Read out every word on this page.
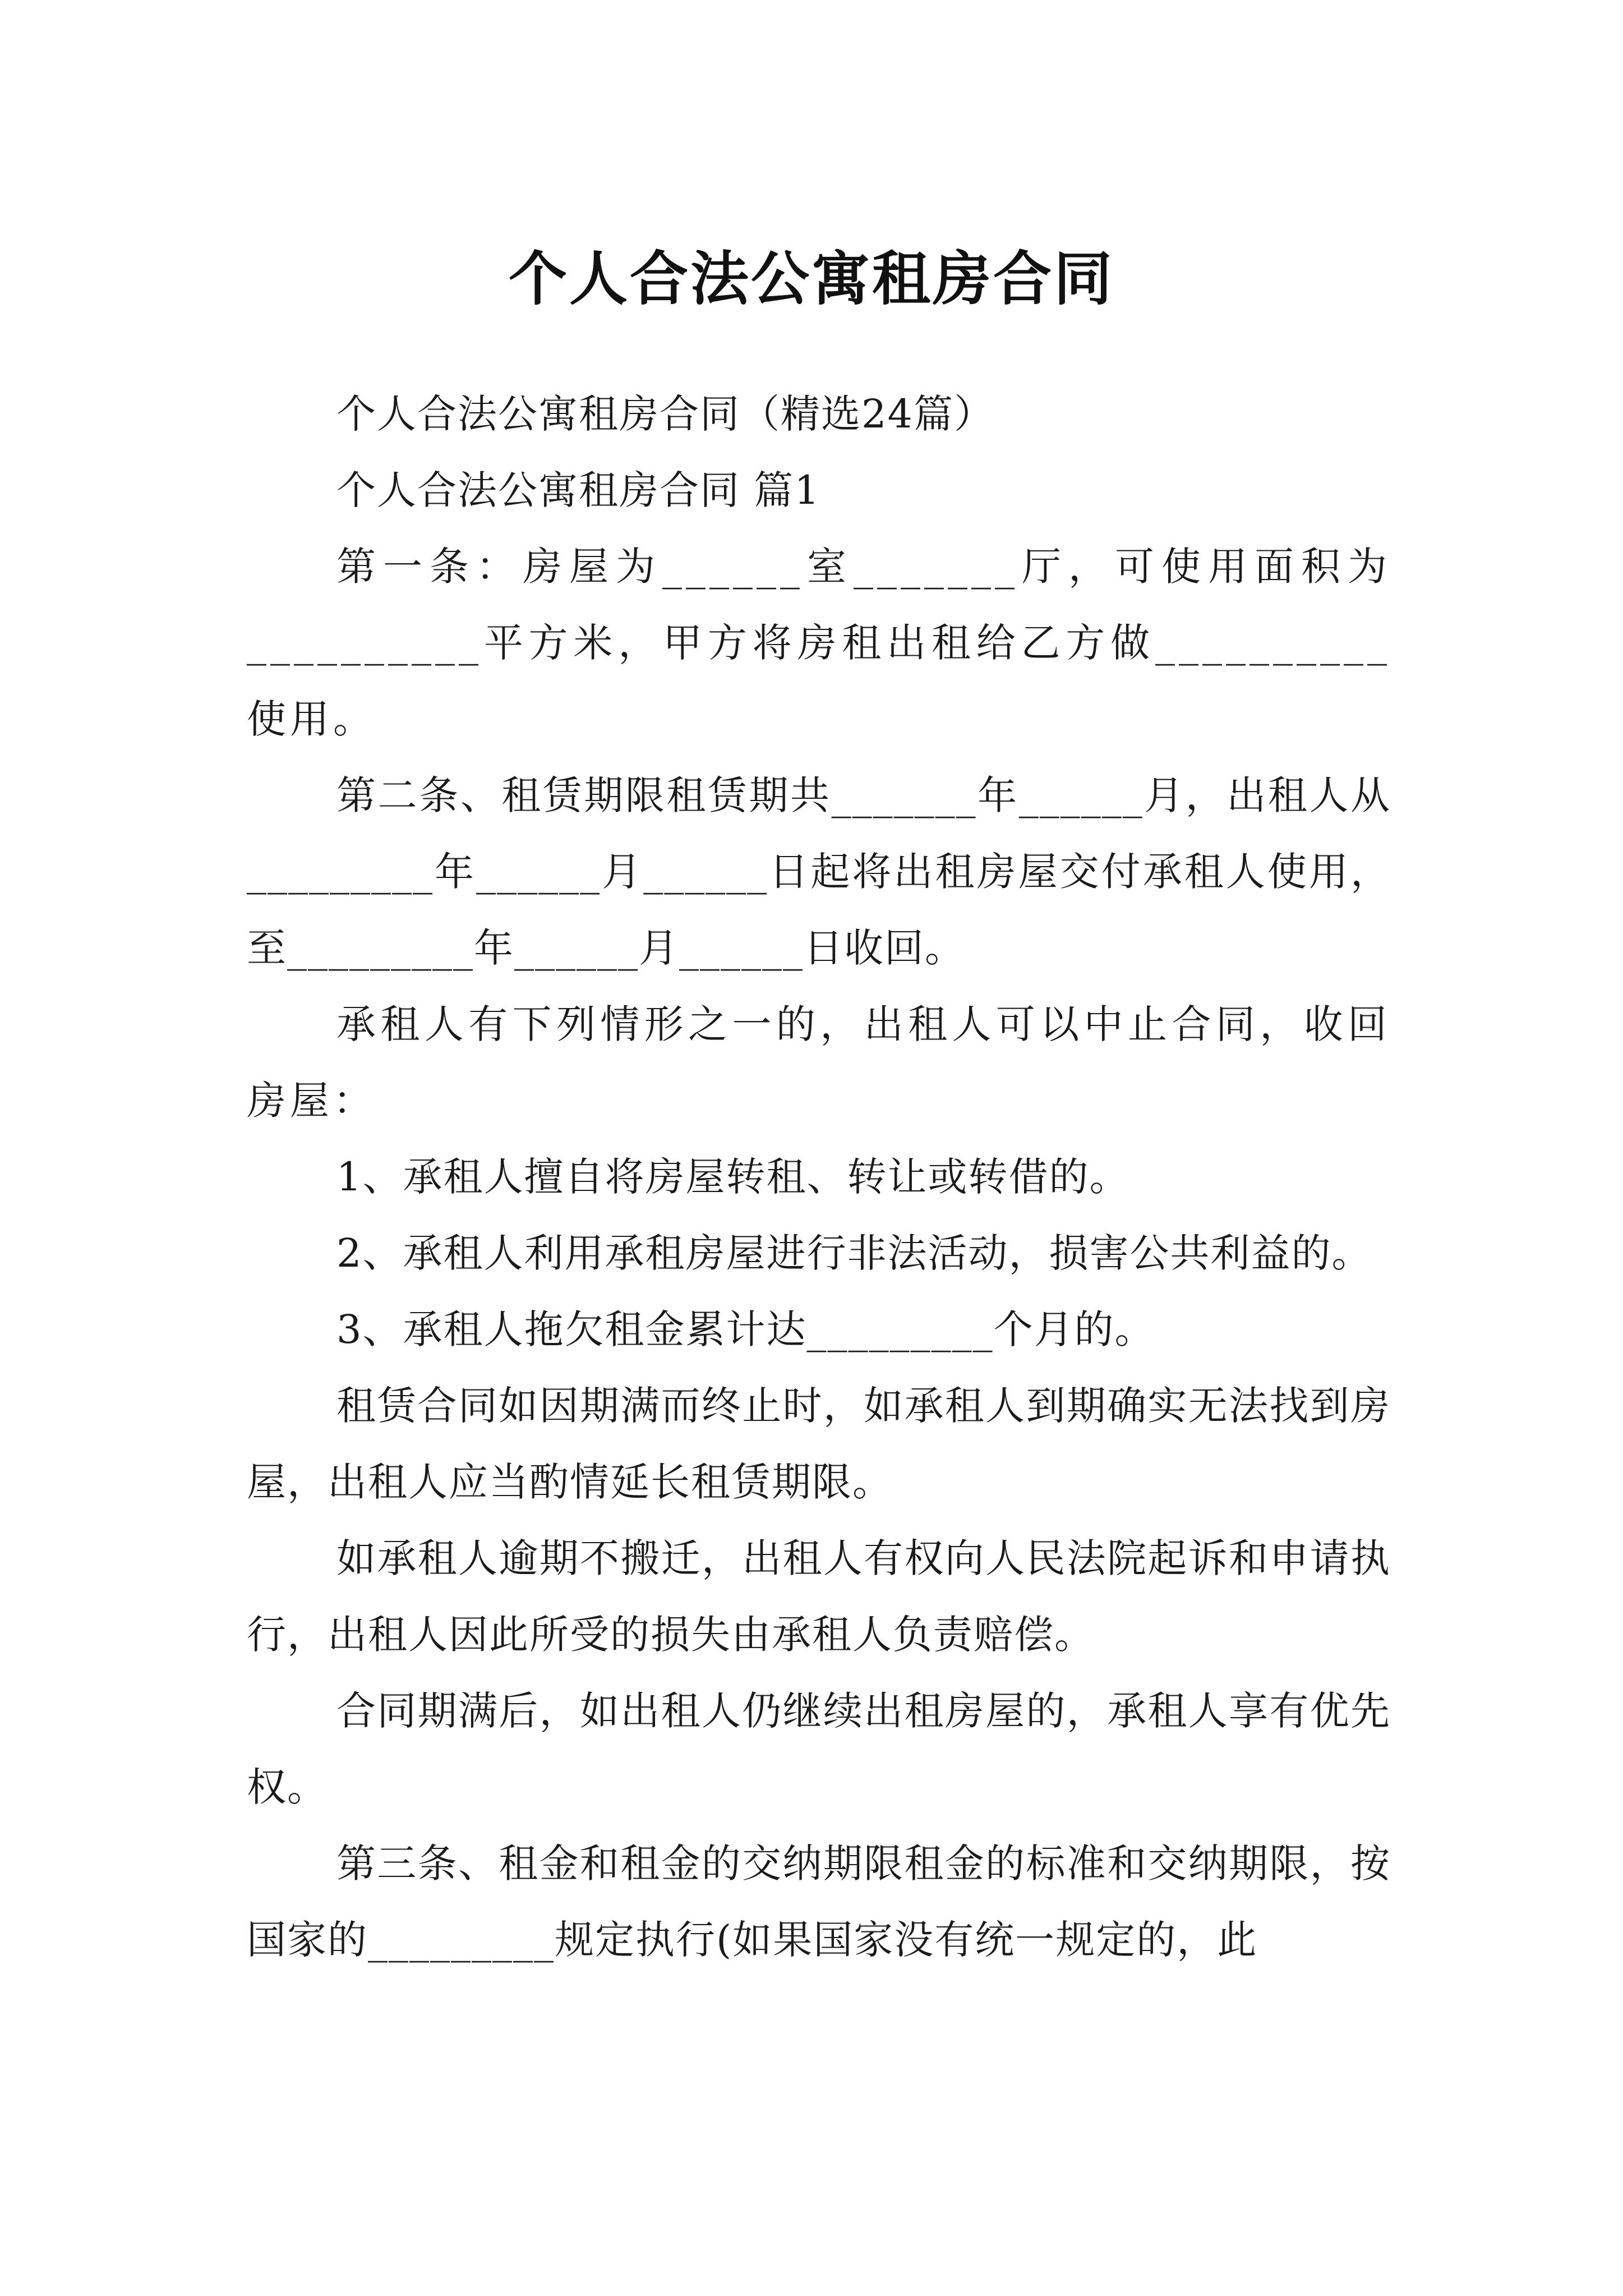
个人合法公寓租房合同

个人合法公寓租房合同（精选24篇）

个人合法公寓租房合同 篇1

第一条：房屋为______室_______厅，可使用面积为__________平方米，甲方将房租出租给乙方做__________使用。

第二条、租赁期限租赁期共_______年______月，出租人从_________年______月______日起将出租房屋交付承租人使用，至_________年______月______日收回。

承租人有下列情形之一的，出租人可以中止合同，收回房屋：

1、承租人擅自将房屋转租、转让或转借的。

2、承租人利用承租房屋进行非法活动，损害公共利益的。

3、承租人拖欠租金累计达_________个月的。

租赁合同如因期满而终止时，如承租人到期确实无法找到房屋，出租人应当酌情延长租赁期限。

如承租人逾期不搬迁，出租人有权向人民法院起诉和申请执行，出租人因此所受的损失由承租人负责赔偿。

合同期满后，如出租人仍继续出租房屋的，承租人享有优先权。

第三条、租金和租金的交纳期限租金的标准和交纳期限，按国家的_________规定执行(如果国家没有统一规定的，此
